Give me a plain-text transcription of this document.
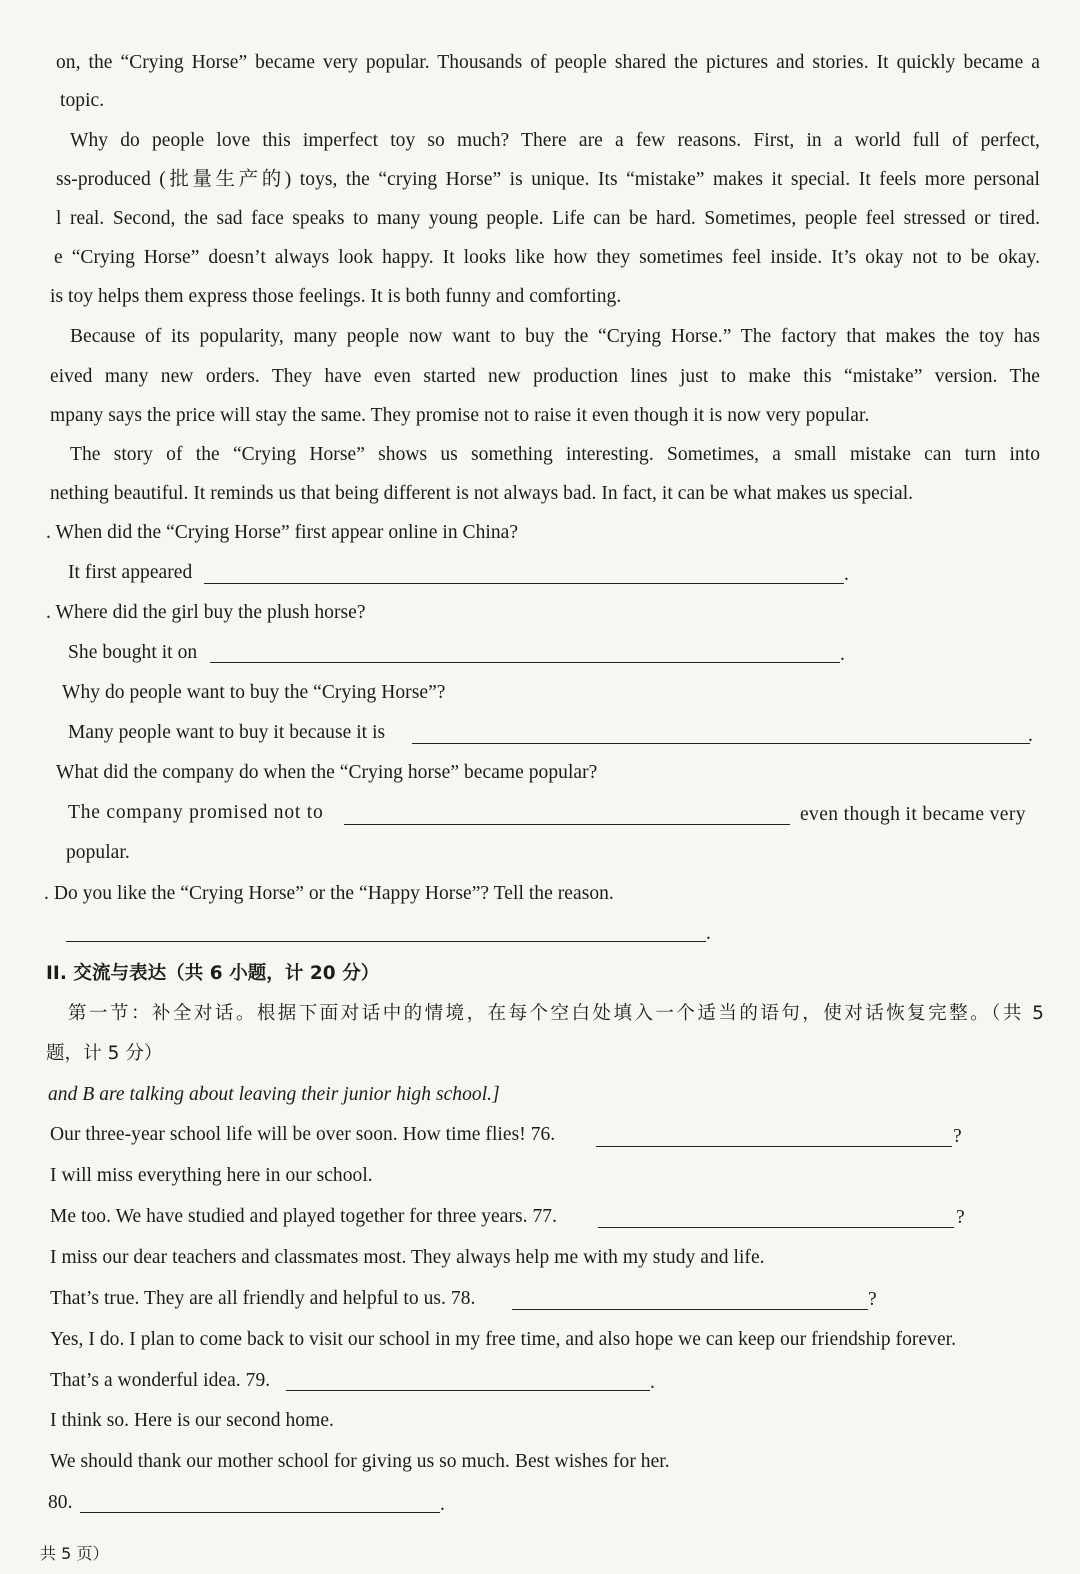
on, the “Crying Horse” became very popular. Thousands of people shared the pictures and stories. It quickly became a
topic.
Why do people love this imperfect toy so much? There are a few reasons. First, in a world full of perfect,
ss-produced (批量生产的) toys, the “crying Horse” is unique. Its “mistake” makes it special. It feels more personal
l real. Second, the sad face speaks to many young people. Life can be hard. Sometimes, people feel stressed or tired.
e “Crying Horse” doesn’t always look happy. It looks like how they sometimes feel inside. It’s okay not to be okay.
is toy helps them express those feelings. It is both funny and comforting.
Because of its popularity, many people now want to buy the “Crying Horse.” The factory that makes the toy has
eived many new orders. They have even started new production lines just to make this “mistake” version. The
mpany says the price will stay the same. They promise not to raise it even though it is now very popular.
The story of the “Crying Horse” shows us something interesting. Sometimes, a small mistake can turn into
nething beautiful. It reminds us that being different is not always bad. In fact, it can be what makes us special.
. When did the “Crying Horse” first appear online in China?
It first appeared	.
. Where did the girl buy the plush horse?
She bought it on	.
Why do people want to buy the “Crying Horse”?
Many people want to buy it because it is	.
What did the company do when the “Crying horse” became popular?
The company promised not to	even though it became very
popular.
. Do you like the “Crying Horse” or the “Happy Horse”? Tell the reason.
.
II. 交流与表达（共 6 小题，计 20 分）
第一节：补全对话。根据下面对话中的情境，在每个空白处填入一个适当的语句，使对话恢复完整。（共 5
题，计 5 分）
and B are talking about leaving their junior high school.]
Our three-year school life will be over soon. How time flies! 76.	?
I will miss everything here in our school.
Me too. We have studied and played together for three years. 77.	?
I miss our dear teachers and classmates most. They always help me with my study and life.
That’s true. They are all friendly and helpful to us. 78.	?
Yes, I do. I plan to come back to visit our school in my free time, and also hope we can keep our friendship forever.
That’s a wonderful idea. 79.	.
I think so. Here is our second home.
We should thank our mother school for giving us so much. Best wishes for her.
80.	.
共 5 页）
